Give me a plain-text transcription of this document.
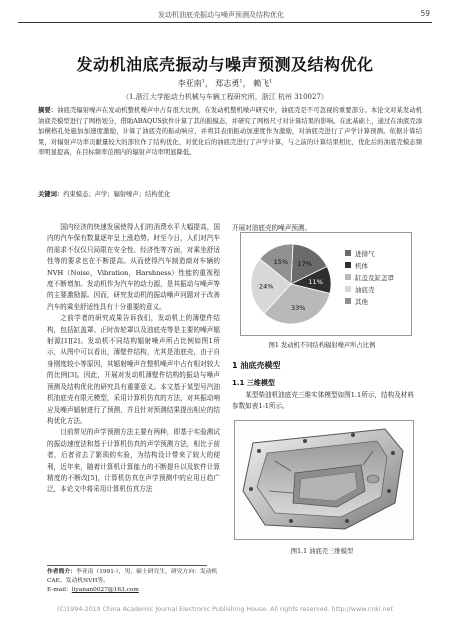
发动机油底壳振动与噪声预测及结构优化	59
发动机油底壳振动与噪声预测及结构优化
李亚南$^1$， 郑志勇$^1$， 赖飞$^1$
（1.浙江大学能动力机械与车辆工程研究所，浙江 杭州 310027）
摘要：油底壳辐射噪声在发动机整机噪声中占有很大比例，在发动机整机噪声研究中，油底壳是不可忽视的重要部分。本论文对某发动机油底壳模型进行了网格划分，借助ABAQUS软件计算了其的振模态，并研究了网格尺寸对计算结果的影响。在此基础上，通过在油底壳添加横格孔处施加加速度激励，计算了油底壳的振动响应，并将其表面振动加速度作为激励，对油底壳进行了声学计算预测。依据计算结果，对辐射声功率贡献量较大的部位作了结构优化，对优化后的油底壳进行了声学计算，与之前的计算结果相比，优化后的油底壳模态频率明显提高，在目标频率范围内的辐射声功率明显降低。
关键词：约束模态；声学；辐射噪声；结构优化

国内经济的快速发展使得人们的消费水平大幅提高，国内的汽车保有数量逐年呈上涨趋势。时至今日，人们对汽车的需求不仅仅只局限在安全性、经济性等方面，对乘坐舒适性等的要求也在不断提高。从而使得汽车制造商对车辆的NVH（Noise，Vibration，Harshness）性能的重视程度不断增加。发动机作为汽车的动力源，是其振动与噪声等的主要激励源。因而，研究发动机的振动噪声问题对于改善汽车的乘坐舒适性具有十分重要的意义。

之前学者的研究成果告诉我们，发动机上的薄壁件结构，包括缸盖罩、正时齿轮罩以及油底壳等是主要的噪声辐射源[1][2]。发动机不同结构辐射噪声所占比例如图1所示，从图中可以看出，薄壁件结构，尤其是油底壳，由于自身刚度较小等原因，其辐射噪声在整机噪声中占有相对较大的比例[3]。因此，开展对发动机薄壁件结构的振动与噪声预测及结构优化的研究具有重要意义。本文基于某型号汽油机油底壳有限元模型，采用计算机仿真的方法，对其振动响应及噪声辐射进行了预测，并且针对预测结果提出相应的结构优化方法。

目前常见的声学预测方法主要有两种，即基于实验测试的振动速度法和基于计算机仿真的声学预测方法，相比于前者，后者省去了繁琐的实验，为结构设计带来了较大的便利，近年来，随着计算机计算能力的不断提升以及软件计算精度的不断改[5]，计算机仿真在声学预测中的应用日趋广泛，本论文中将采用计算机仿真方法

作者简介：李亚南（1991-），男，硕士研究生，研究方向：发动机CAE、发动机NVH等。
E-mail：liyanan0027@163.com
开展对油底壳的噪声预测。
17%
11%
33%
24%
15%
进排气
机体
缸盖及缸盖罩
油底壳
其他
图1 发动机不同结构辐射噪声所占比例
1 油底壳模型
1.1 三维模型
某型柴油机油底壳三维实体模型如图1.1所示，结构及材料参数如表1-1所示。
图1.1 油底壳三维模型
(C)1994-2019 China Academic Journal Electronic Publishing House. All rights reserved. http://www.cnki.net
